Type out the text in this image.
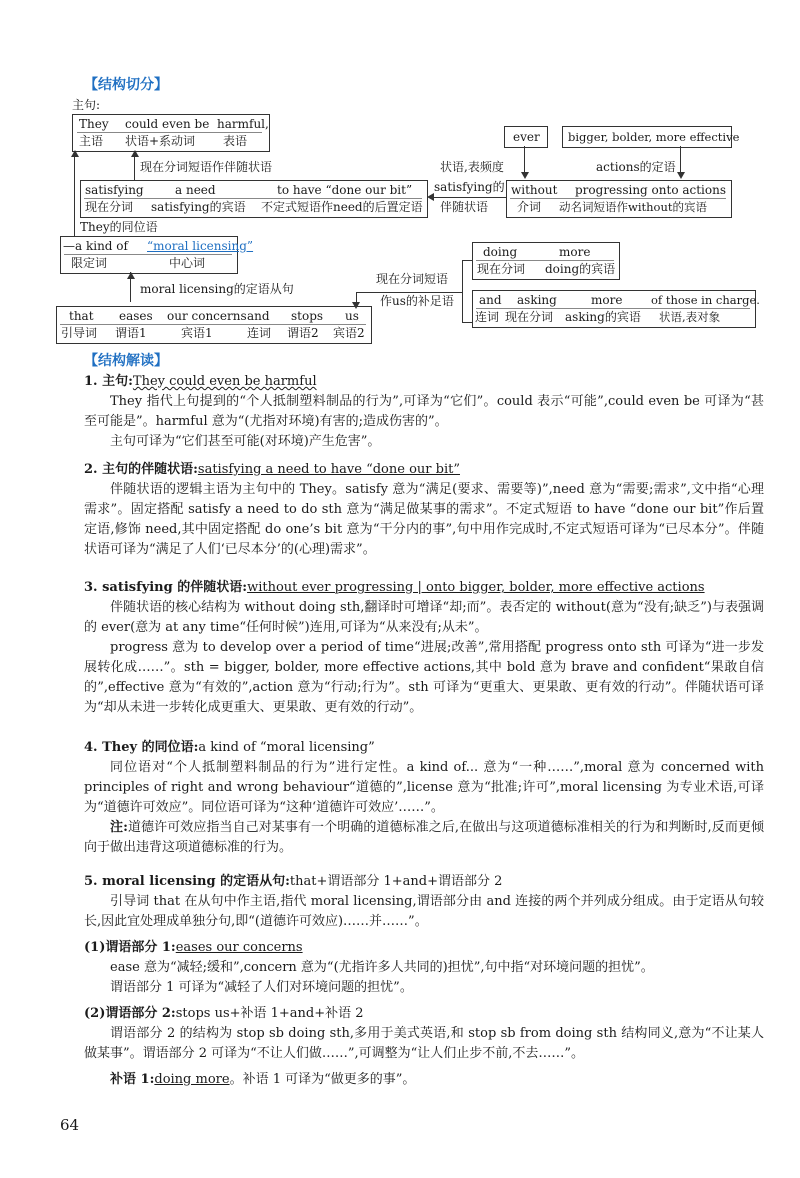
【结构切分】
主句:
They
主语
could even be
状语+系动词
harmful,
表语	ever bigger, bolder, more effective
现在分词短语作伴随状语	状语,表频度	actions的定语
satisfying
现在分词
a need
satisfying的宾语
to have “done our bit”
不定式短语作need的后置定语
satisfying的
伴随状语
without
介词
progressing onto actions
动名词短语作without的宾语
They的同位语
—a kind of
限定词
“moral licensing”
中心词
doing
现在分词
more
doing的宾语
现在分词短语
作us的补足语
moral licensing的定语从句
that
引导词
eases
谓语1
our concerns
宾语1
and
连词
stops
谓语2
us
宾语2
and
连词
asking
现在分词
more
asking的宾语
of those in charge.
状语,表对象
【结构解读】
1. 主句:They could even be harmful
They 指代上句提到的“个人抵制塑料制品的行为”,可译为“它们”。could 表示“可能”,could even be 可译为“甚至可能是”。harmful 意为“(尤指对环境)有害的;造成伤害的”。
主句可译为“它们甚至可能(对环境)产生危害”。
2. 主句的伴随状语:satisfying a need to have “done our bit”
伴随状语的逻辑主语为主句中的 They。satisfy 意为“满足(要求、需要等)”,need 意为“需要;需求”,文中指“心理需求”。固定搭配 satisfy a need to do sth 意为“满足做某事的需求”。不定式短语 to have “done our bit”作后置定语,修饰 need,其中固定搭配 do one’s bit 意为“干分内的事”,句中用作完成时,不定式短语可译为“已尽本分”。伴随状语可译为“满足了人们‘已尽本分’的(心理)需求”。
3. satisfying 的伴随状语:without ever progressing | onto bigger, bolder, more effective actions
伴随状语的核心结构为 without doing sth,翻译时可增译“却;而”。表否定的 without(意为“没有;缺乏”)与表强调的 ever(意为 at any time“任何时候”)连用,可译为“从来没有;从未”。
progress 意为 to develop over a period of time“进展;改善”,常用搭配 progress onto sth 可译为“进一步发展转化成……”。sth = bigger, bolder, more effective actions,其中 bold 意为 brave and confident“果敢自信的”,effective 意为“有效的”,action 意为“行动;行为”。sth 可译为“更重大、更果敢、更有效的行动”。伴随状语可译为“却从未进一步转化成更重大、更果敢、更有效的行动”。
4. They 的同位语:a kind of “moral licensing”
同位语对“个人抵制塑料制品的行为”进行定性。a kind of... 意为“一种……”,moral 意为 concerned with principles of right and wrong behaviour“道德的”,license 意为“批准;许可”,moral licensing 为专业术语,可译为“道德许可效应”。同位语可译为“这种‘道德许可效应’……”。
注:道德许可效应指当自己对某事有一个明确的道德标准之后,在做出与这项道德标准相关的行为和判断时,反而更倾向于做出违背这项道德标准的行为。
5. moral licensing 的定语从句:that+谓语部分 1+and+谓语部分 2
引导词 that 在从句中作主语,指代 moral licensing,谓语部分由 and 连接的两个并列成分组成。由于定语从句较长,因此宜处理成单独分句,即“(道德许可效应)……并……”。
(1)谓语部分 1:eases our concerns
ease 意为“减轻;缓和”,concern 意为“(尤指许多人共同的)担忧”,句中指“对环境问题的担忧”。
谓语部分 1 可译为“减轻了人们对环境问题的担忧”。
(2)谓语部分 2:stops us+补语 1+and+补语 2
谓语部分 2 的结构为 stop sb doing sth,多用于美式英语,和 stop sb from doing sth 结构同义,意为“不让某人做某事”。谓语部分 2 可译为“不让人们做……”,可调整为“让人们止步不前,不去……”。
补语 1:doing more。补语 1 可译为“做更多的事”。
64
